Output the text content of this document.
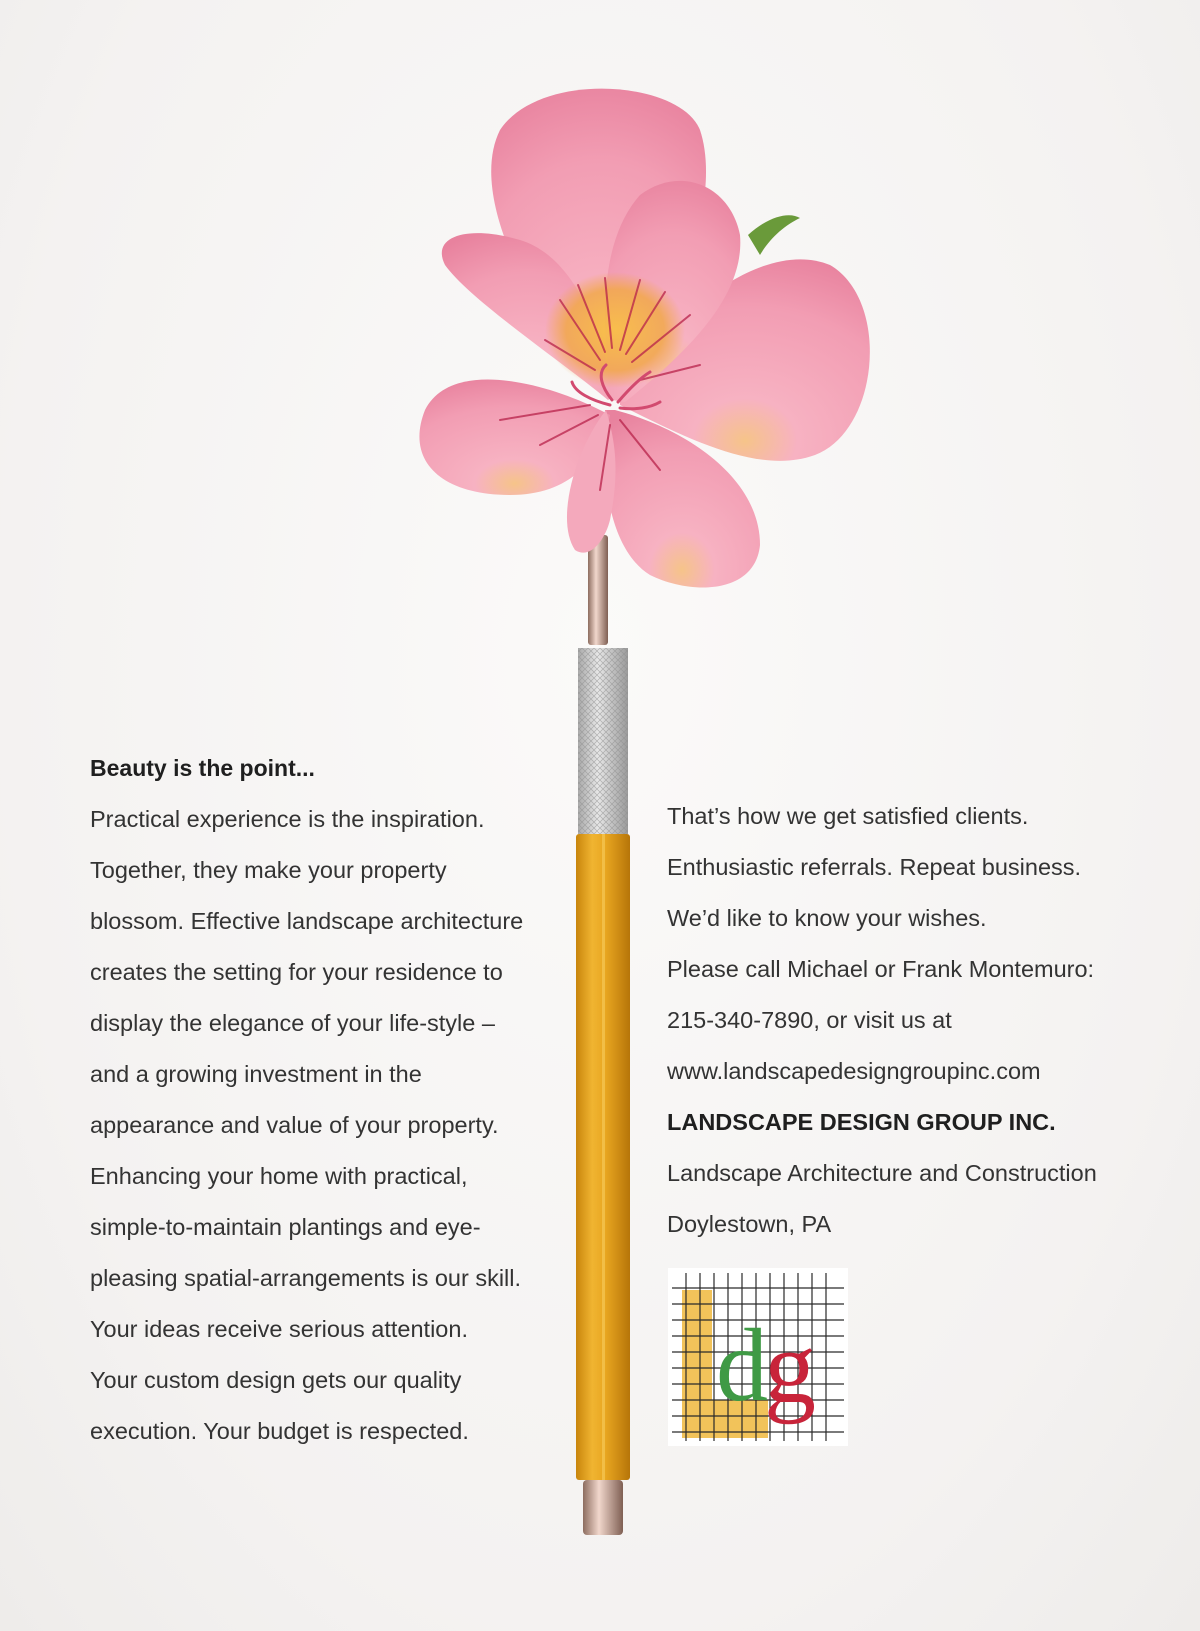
Beauty is the point...
Practical experience is the inspiration.
Together, they make your property
blossom. Effective landscape architecture
creates the setting for your residence to
display the elegance of your life-style –
and a growing investment in the
appearance and value of your property.
Enhancing your home with practical,
simple-to-maintain plantings and eye-
pleasing spatial-arrangements is our skill.
Your ideas receive serious attention.
Your custom design gets our quality
execution. Your budget is respected.
That’s how we get satisfied clients.
Enthusiastic referrals. Repeat business.
We’d like to know your wishes.
Please call Michael or Frank Montemuro:
215-340-7890, or visit us at
www.landscapedesigngroupinc.com
LANDSCAPE DESIGN GROUP INC.
Landscape Architecture and Construction
Doylestown, PA
d
g
